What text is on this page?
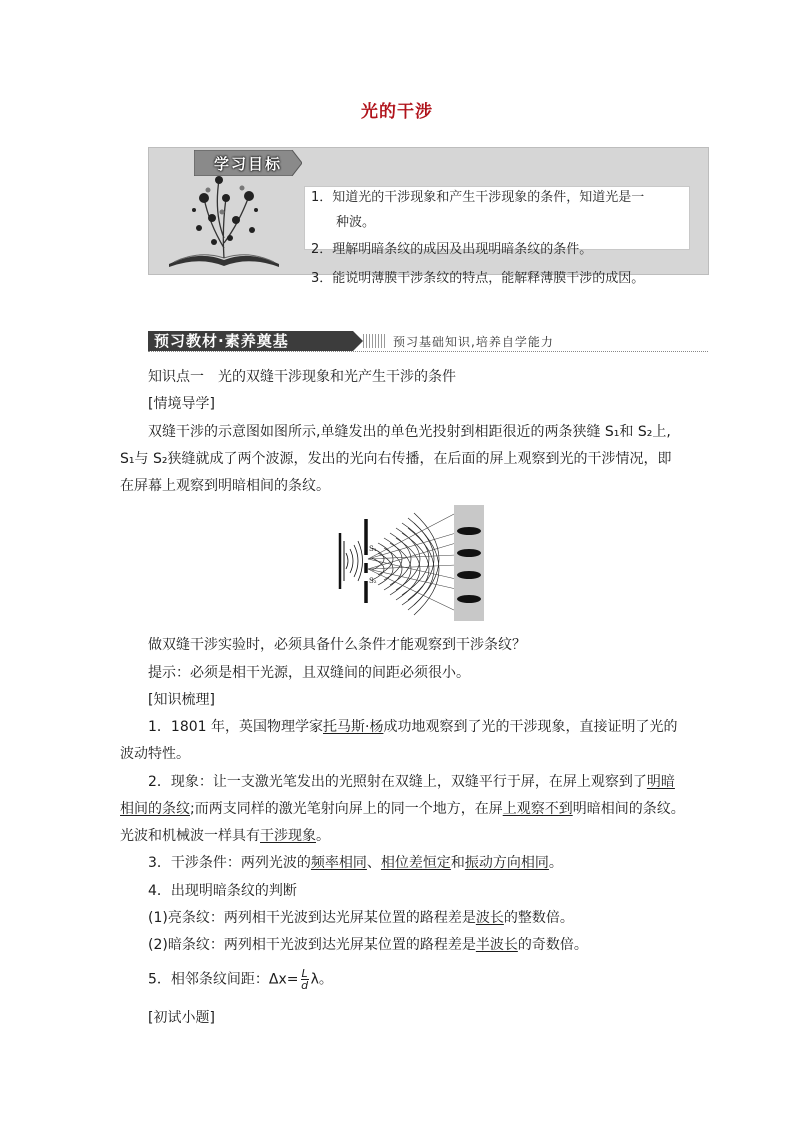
光的干涉
学习目标
1．知道光的干涉现象和产生干涉现象的条件，知道光是一
种波。
2．理解明暗条纹的成因及出现明暗条纹的条件。
3．能说明薄膜干涉条纹的特点，能解释薄膜干涉的成因。
预习教材·素养奠基	预习基础知识,培养自学能力
知识点一　光的双缝干涉现象和光产生干涉的条件
[情境导学]
双缝干涉的示意图如图所示,单缝发出的单色光投射到相距很近的两条狭缝 S₁和 S₂上,
S₁与 S₂狭缝就成了两个波源，发出的光向右传播，在后面的屏上观察到光的干涉情况，即
在屏幕上观察到明暗相间的条纹。
S₁
S₂
做双缝干涉实验时，必须具备什么条件才能观察到干涉条纹？
提示：必须是相干光源，且双缝间的间距必须很小。
[知识梳理]
1．1801 年，英国物理学家托马斯·杨成功地观察到了光的干涉现象，直接证明了光的
波动特性。
2．现象：让一支激光笔发出的光照射在双缝上，双缝平行于屏，在屏上观察到了明暗
相间的条纹;而两支同样的激光笔射向屏上的同一个地方，在屏上观察不到明暗相间的条纹。
光波和机械波一样具有干涉现象。
3．干涉条件：两列光波的频率相同、相位差恒定和振动方向相同。
4．出现明暗条纹的判断
(1)亮条纹：两列相干光波到达光屏某位置的路程差是波长的整数倍。
(2)暗条纹：两列相干光波到达光屏某位置的路程差是半波长的奇数倍。
5．相邻条纹间距：$\Delta x= \frac{L}{d}$ λ。
[初试小题]
